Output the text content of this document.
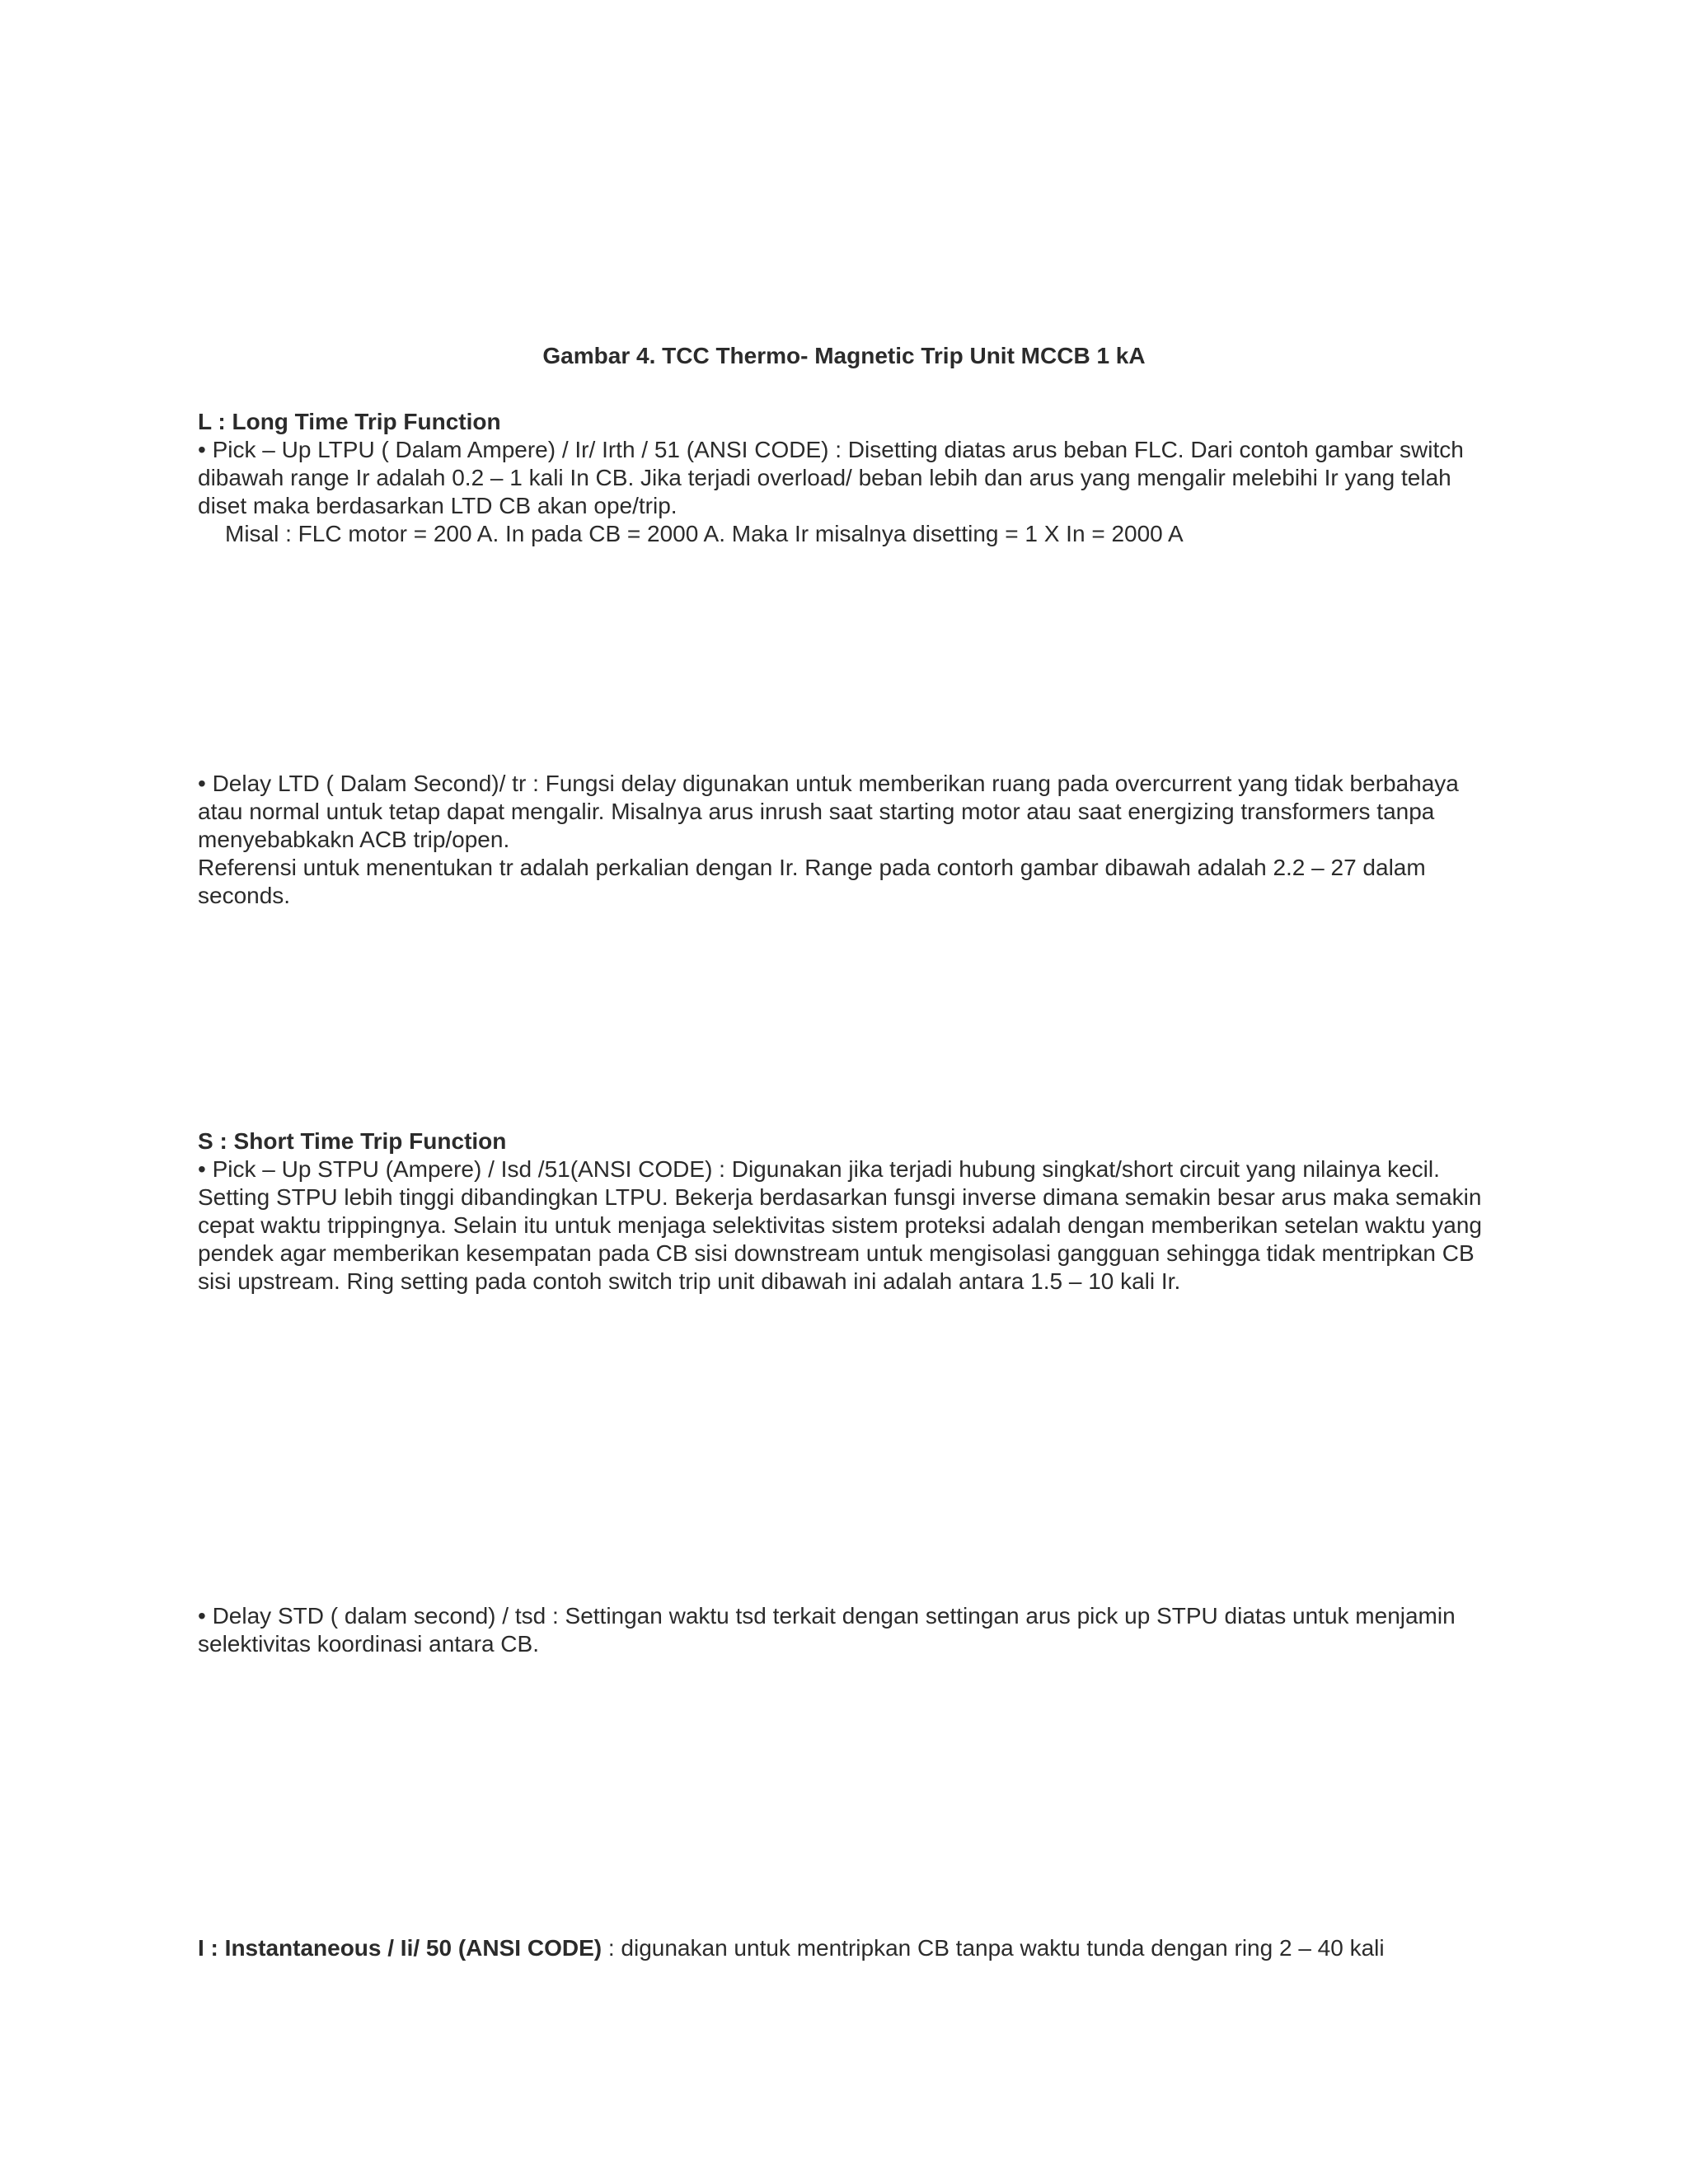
Gambar 4. TCC Thermo- Magnetic Trip Unit MCCB 1 kA

L : Long Time Trip Function
• Pick – Up LTPU ( Dalam Ampere) / Ir/ Irth / 51 (ANSI CODE) : Disetting diatas arus beban FLC. Dari contoh gambar switch dibawah range Ir adalah 0.2 – 1 kali In CB. Jika terjadi overload/ beban lebih dan arus yang mengalir melebihi Ir yang telah diset maka berdasarkan LTD CB akan ope/trip.
Misal : FLC motor = 200 A. In pada CB = 2000 A. Maka Ir misalnya disetting = 1 X In = 2000 A
• Delay LTD ( Dalam Second)/ tr : Fungsi delay digunakan untuk memberikan ruang pada overcurrent yang tidak berbahaya atau normal untuk tetap dapat mengalir. Misalnya arus inrush saat starting motor atau saat energizing transformers tanpa menyebabkakn ACB trip/open.
Referensi untuk menentukan tr adalah perkalian dengan Ir. Range pada contorh gambar dibawah adalah 2.2 – 27 dalam seconds.
S : Short Time Trip Function
• Pick – Up STPU (Ampere) / Isd /51(ANSI CODE) : Digunakan jika terjadi hubung singkat/short circuit yang nilainya kecil. Setting STPU lebih tinggi dibandingkan LTPU. Bekerja berdasarkan funsgi inverse dimana semakin besar arus maka semakin cepat waktu trippingnya. Selain itu untuk menjaga selektivitas sistem proteksi adalah dengan memberikan setelan waktu yang pendek agar memberikan kesempatan pada CB sisi downstream untuk mengisolasi gangguan sehingga tidak mentripkan CB sisi upstream. Ring setting pada contoh switch trip unit dibawah ini adalah antara 1.5 – 10 kali Ir.
• Delay STD ( dalam second) / tsd : Settingan waktu tsd terkait dengan settingan arus pick up STPU diatas untuk menjamin selektivitas koordinasi antara CB.
I : Instantaneous / Ii/ 50 (ANSI CODE) : digunakan untuk mentripkan CB tanpa waktu tunda dengan ring 2 – 40 kali
